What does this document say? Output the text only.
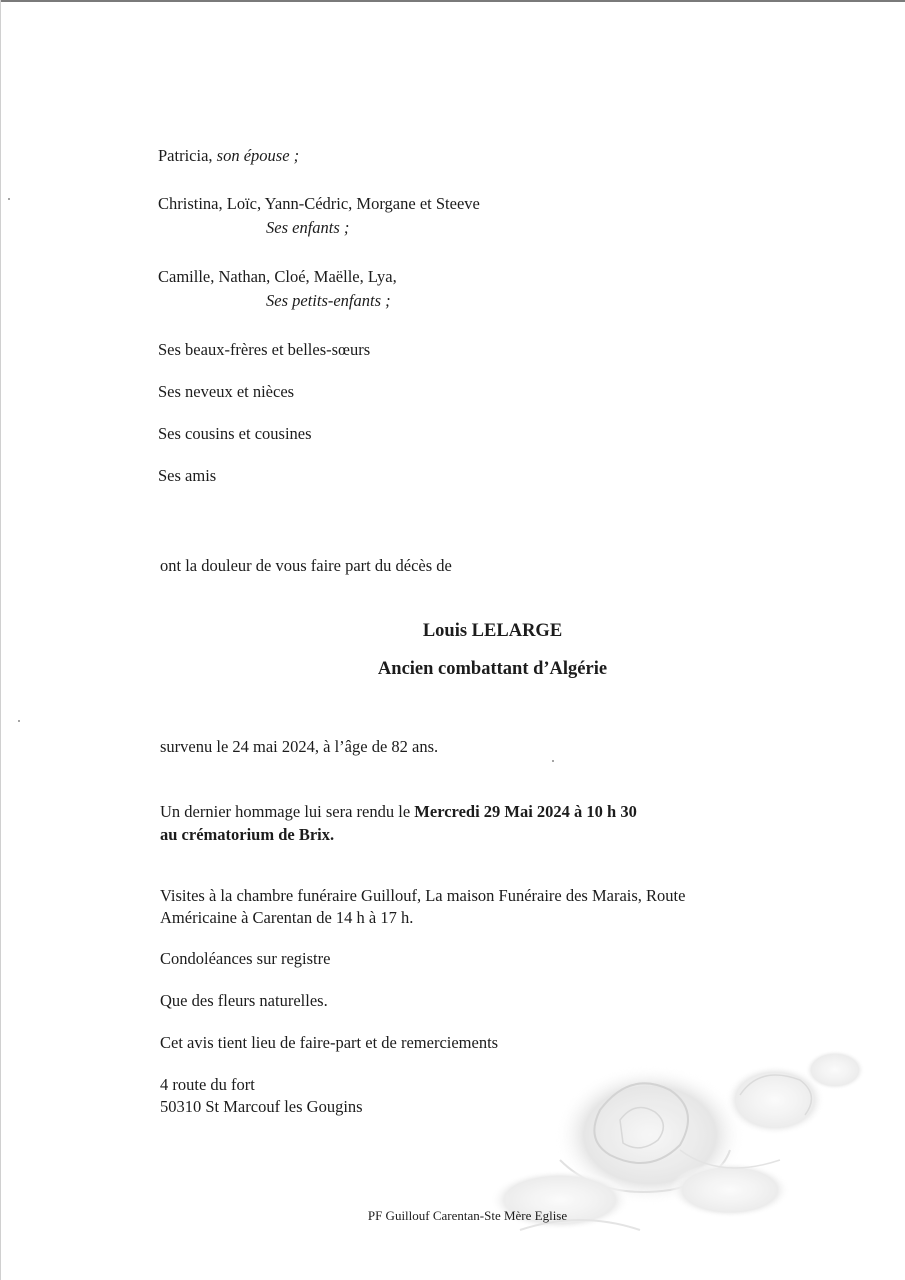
Patricia, son épouse ;
Christina, Loïc, Yann-Cédric, Morgane et Steeve
Ses enfants ;
Camille, Nathan, Cloé, Maëlle, Lya,
Ses petits-enfants ;
Ses beaux-frères et belles-sœurs
Ses neveux et nièces
Ses cousins et cousines
Ses amis
ont la douleur de vous faire part du décès de
Louis LELARGE
Ancien combattant d’Algérie
survenu le 24 mai 2024, à l’âge de 82 ans.
Un dernier hommage lui sera rendu le Mercredi 29 Mai 2024 à 10 h 30
au crématorium de Brix.
Visites à la chambre funéraire Guillouf, La maison Funéraire des Marais, Route
Américaine à Carentan de 14 h à 17 h.
Condoléances sur registre
Que des fleurs naturelles.
Cet avis tient lieu de faire-part et de remerciements
4 route du fort
50310 St Marcouf les Gougins
PF Guillouf Carentan-Ste Mère Eglise
